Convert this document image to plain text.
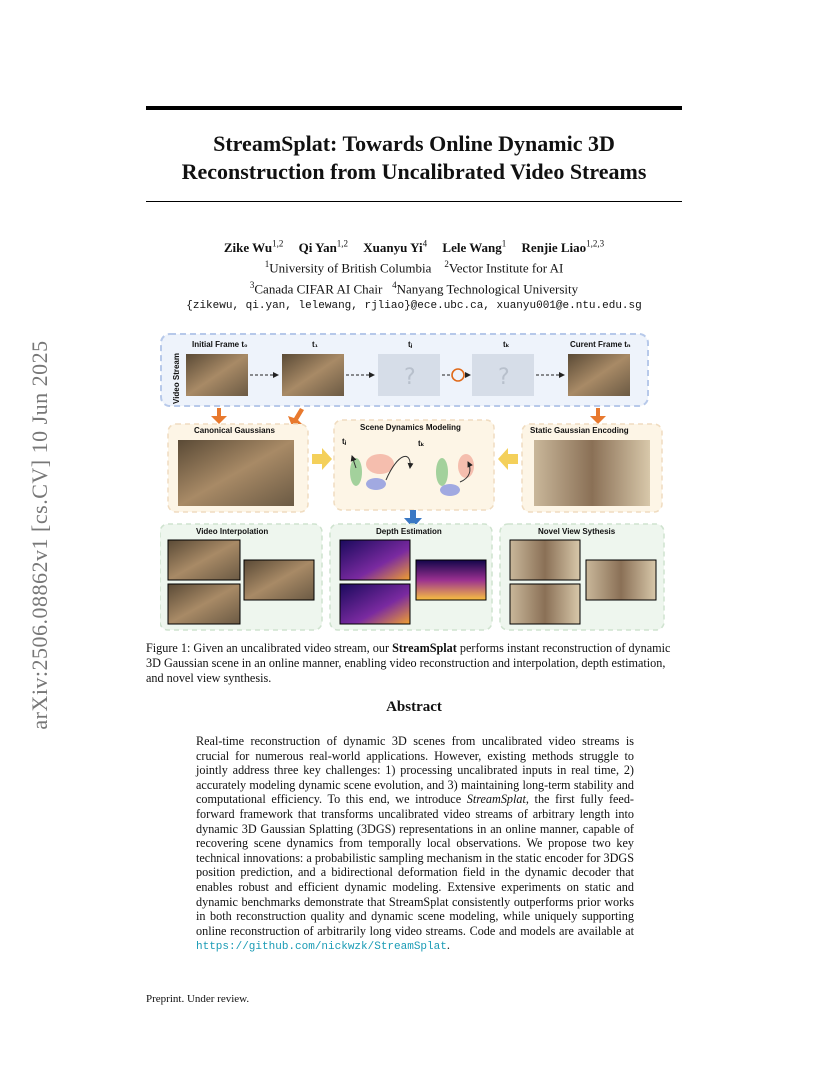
arXiv:2506.08862v1 [cs.CV] 10 Jun 2025
StreamSplat: Towards Online Dynamic 3D
Reconstruction from Uncalibrated Video Streams
Zike Wu$^{1,2}$ Qi Yan$^{1,2}$ Xuanyu Yi$^4$ Lele Wang$^1$ Renjie Liao$^{1,2,3}$
$^1$University of British Columbia $^2$Vector Institute for AI
$^3$Canada CIFAR AI Chair $^4$Nanyang Technological University
{zikewu, qi.yan, lelewang, rjliao}@ece.ubc.ca, xuanyu001@e.ntu.edu.sg
Video Stream
Initial Frame t₀	t₁	tⱼ	tₖ	Curent Frame tₙ
?	?
Canonical Gaussians	Scene Dynamics Modeling
tⱼ	tₖ
Static Gaussian Encoding
Video Interpolation	Depth Estimation	Novel View Sythesis
Figure 1: Given an uncalibrated video stream, our StreamSplat performs instant reconstruction of dynamic 3D Gaussian scene in an online manner, enabling video reconstruction and interpolation, depth estimation, and novel view synthesis.
Abstract
Real-time reconstruction of dynamic 3D scenes from uncalibrated video streams is crucial for numerous real-world applications. However, existing methods struggle to jointly address three key challenges: 1) processing uncalibrated inputs in real time, 2) accurately modeling dynamic scene evolution, and 3) maintaining long-term stability and computational efficiency. To this end, we introduce StreamSplat, the first fully feed-forward framework that transforms uncalibrated video streams of arbitrary length into dynamic 3D Gaussian Splatting (3DGS) representations in an online manner, capable of recovering scene dynamics from temporally local observations. We propose two key technical innovations: a probabilistic sampling mechanism in the static encoder for 3DGS position prediction, and a bidirectional deformation field in the dynamic decoder that enables robust and efficient dynamic modeling. Extensive experiments on static and dynamic benchmarks demonstrate that StreamSplat consistently outperforms prior works in both reconstruction quality and dynamic scene modeling, while uniquely supporting online reconstruction of arbitrarily long video streams. Code and models are available at https://github.com/nickwzk/StreamSplat.
Preprint. Under review.
